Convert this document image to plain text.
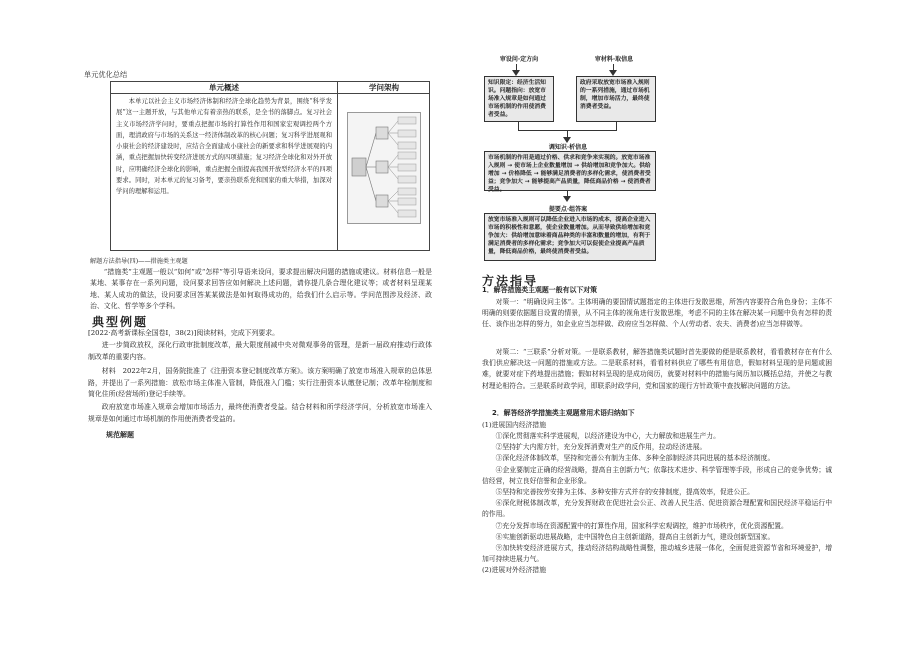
单元优化总结
单元概述	学问架构
本单元以社会主义市场经济体制和经济全球化趋势为背景，围绕“科学发展”这一主题开放，与其他单元有着亲热的联系，是全书的落脚点。复习社会主义市场经济学问时，要重点把握市场的打算性作用和国家宏观调控两个方面，理清政府与市场的关系这一经济体制改革的核心问题；复习科学进展观和小康社会的经济建设时，应结合全面建成小康社会的新要求和科学进展观的内涵，重点把握加快转变经济进展方式的四项措施；复习经济全球化和对外开放时，应明确经济全球化的影响，重点把握全面提高我国开放型经济水平的四项要求。同时，对本单元的复习备考，要亲热联系党和国家的重大举措，加深对学问的理解和运用。
解题方法指导(四)——措施类主观题
“措施类”主观题一般以“如何”或“怎样”等引导语来设问，要求提出解决问题的措施或建议。材料信息一般是某地、某事存在一系列问题，设问要求回答应如何解决上述问题，请你提几条合理化建议等；或者材料呈现某地、某人成功的做法，设问要求回答某某做法是如何取得成功的，给我们什么启示等。学问范围涉及经济、政治、文化、哲学等多个学科。
典型例题
[2022·高考新课标全国卷Ⅰ，38(2)]阅读材料，完成下列要求。
进一步简政放权，深化行政审批制度改革，最大限度削减中央对微观事务的管理，是新一届政府推动行政体制改革的重要内容。
材料　2022年2月，国务院批准了《注册资本登记制度改革方案》。该方案明确了放宽市场准入规章的总体思路，并提出了一系列措施：放松市场主体准入管制，降低准入门槛；实行注册资本认缴登记制；改革年检制度和简化住所(经营场所)登记手续等。
政府放宽市场准入规章会增加市场活力，最终使消费者受益。结合材料和所学经济学问，分析放宽市场准入规章是如何通过市场机制的作用使消费者受益的。
规范解题
审设问·定方向	审材料·取信息
知识限定：经济生活知识。问题指向：放宽市场准入规章是如何通过市场机制的作用使消费者受益。
政府采取放宽市场准入规则的一系列措施，通过市场机制，增加市场活力，最终使消费者受益。
调知识·析信息
市场机制的作用是通过价格、供求和竞争来实现的。放宽市场准入规则 → 使市场上企业数量增加 → 供给增加和竞争加大。供给增加 → 价格降低 → 能够满足消费者的多样化需求，使消费者受益；竞争加大 → 能够提高产品质量，降低商品价格 → 使消费者受益。
提要点·组答案
放宽市场准入规则可以降低企业进入市场的成本，提高企业进入市场的积极性和意愿，使企业数量增加。从而导致供给增加和竞争加大：供给增加意味着商品种类的丰富和数量的增加，有利于满足消费者的多样化需求；竞争加大可以促使企业提高产品质量，降低商品价格，最终使消费者受益。
方法指导
1．解答措施类主观题一般有以下对策
对策一：“明确设问主体”。主体明确的要国情试题指定的主体进行发散思维，所答内容要符合角色身份；主体不明确的则要依据题目设置的情景，从不同主体的视角进行发散思维，考虑不同的主体在解决某一问题中负有怎样的责任、该作出怎样的努力，如企业应当怎样做、政府应当怎样做、个人(劳动者、农夫、消费者)应当怎样做等。
对策二：“三联系”分析对策。一是联系教材，解答措施类试题时首先要做的便是联系教材，看看教材存在有什么我们供应解决这一问题的措施或方法。二是联系材料，看看材料供应了哪些有用信息，假如材料呈现的是问题或困难，就要对症下药地提出措施；假如材料呈现的是成功阅历，就要对材料中的措施与阅历加以概括总结，并使之与教材理论相符合。三是联系时政学问，即联系时政学问，党和国家的现行方针政策中查找解决问题的方法。
2．解答经济学措施类主观题常用术语归纳如下
(1)进展国内经济措施

①深化贯彻落实科学进展观，以经济建设为中心，大力解放和进展生产力。

②坚持扩大内需方针，充分发挥消费对生产的反作用，拉动经济进展。

③深化经济体制改革，坚持和完善公有制为主体、多种全部制经济共同进展的基本经济制度。

④企业要制定正确的经营战略，提高自主创新力气；依靠技术进步、科学管理等手段，形成自己的竞争优势；诚信经营，树立良好信誉和企业形象。

⑤坚持和完善按劳安排为主体、多种安排方式并存的安排制度，提高效率，促进公正。

⑥深化财税体制改革，充分发挥财政在促进社会公正、改善人民生活、促进资源合理配置和国民经济平稳运行中的作用。

⑦充分发挥市场在资源配置中的打算性作用，国家科学宏观调控，维护市场秩序，优化资源配置。

⑧实施创新驱动进展战略，走中国特色自主创新道路，提高自主创新力气，建设创新型国家。

⑨加快转变经济进展方式，推动经济结构战略性调整，推动城乡进展一体化，全面促进资源节省和环境爱护，增加可持续进展力气。

(2)进展对外经济措施
